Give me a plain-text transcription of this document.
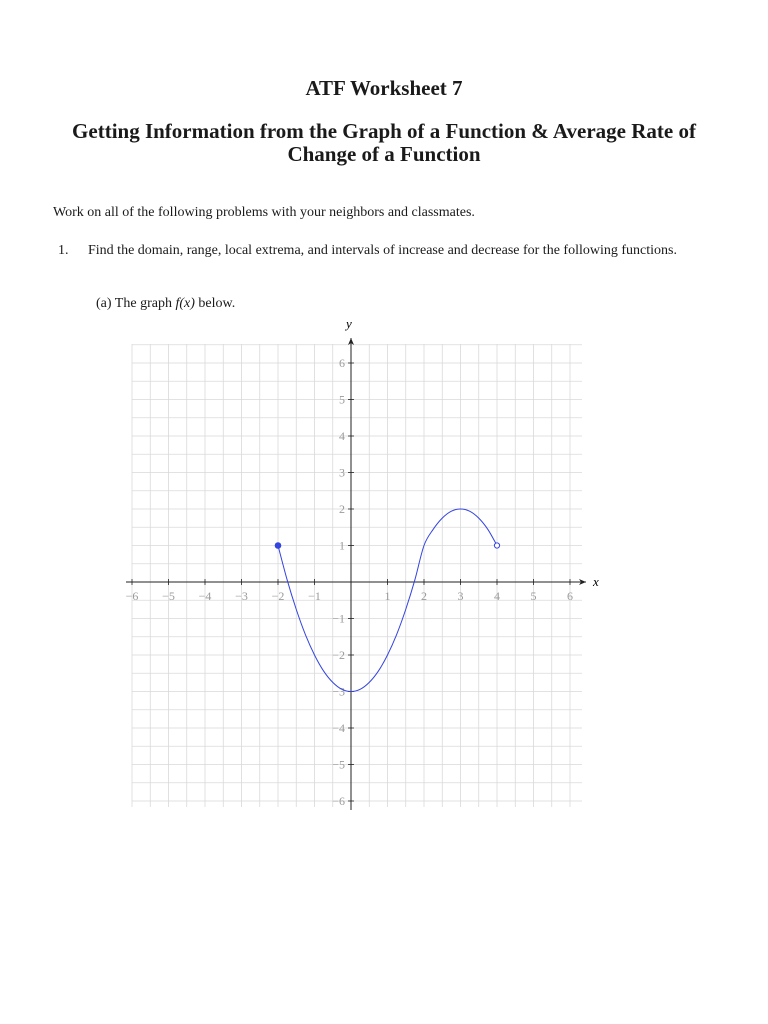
ATF Worksheet 7
Getting Information from the Graph of a Function & Average Rate of Change of a Function

Work on all of the following problems with your neighbors and classmates.

1. Find the domain, range, local extrema, and intervals of increase and decrease for the following functions.

(a) The graph f(x) below.

−6 −5 −4 −3 −2 −1	1	2	3	4	5	6
−6
−5
−4
−3
−2
−1
1
2
3
4
5
6
x
y
